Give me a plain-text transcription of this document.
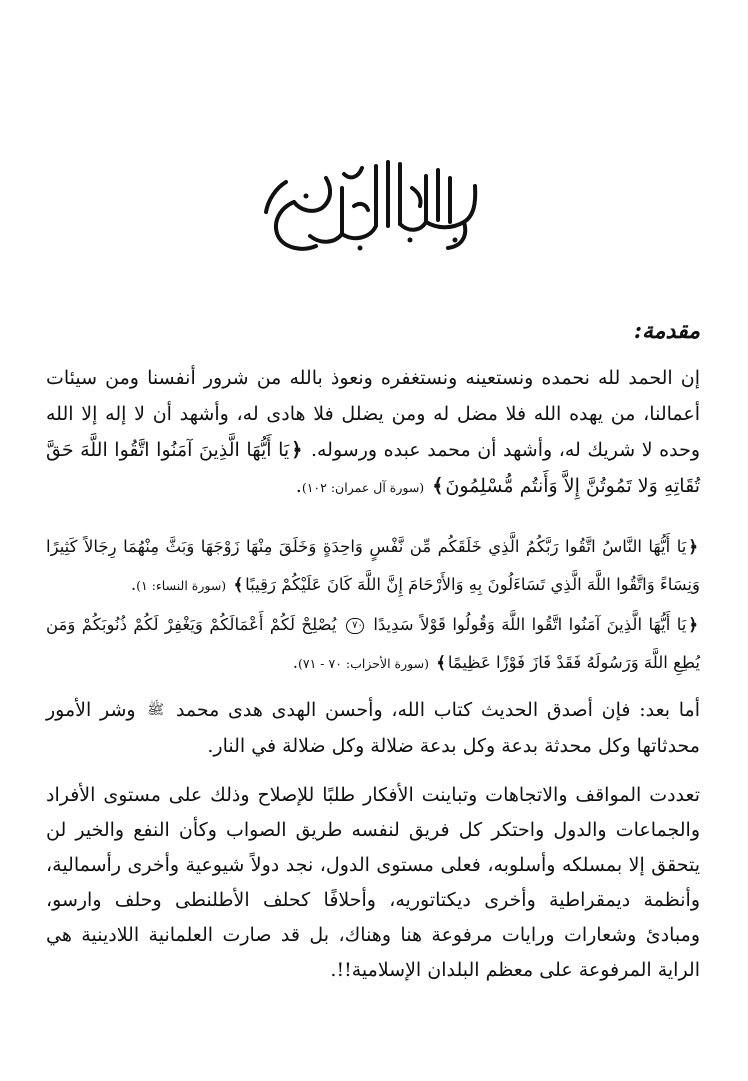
مقدمة:

إن الحمد لله نحمده ونستعينه ونستغفره ونعوذ بالله من شرور أنفسنا ومن سيئات أعمالنا، من يهده الله فلا مضل له ومن يضلل فلا هادى له، وأشهد أن لا إله إلا الله وحده لا شريك له، وأشهد أن محمد عبده ورسوله. ﴿يَا أَيُّهَا الَّذِينَ آمَنُوا اتَّقُوا اللَّهَ حَقَّ تُقَاتِهِ وَلا تَمُوتُنَّ إِلاَّ وَأَنتُم مُّسْلِمُونَ﴾ (سورة آل عمران: ١٠٢).

﴿يَا أَيُّهَا النَّاسُ اتَّقُوا رَبَّكُمُ الَّذِي خَلَقَكُم مِّن نَّفْسٍ وَاحِدَةٍ وَخَلَقَ مِنْهَا زَوْجَهَا وَبَثَّ مِنْهُمَا رِجَالاً كَثِيرًا وَنِسَاءً وَاتَّقُوا اللَّهَ الَّذِي تَسَاءَلُونَ بِهِ وَالأَرْحَامَ إِنَّ اللَّهَ كَانَ عَلَيْكُمْ رَقِيبًا﴾ (سورة النساء: ١).

﴿يَا أَيُّهَا الَّذِينَ آمَنُوا اتَّقُوا اللَّهَ وَقُولُوا قَوْلاً سَدِيدًا ٧٠ يُصْلِحْ لَكُمْ أَعْمَالَكُمْ وَيَغْفِرْ لَكُمْ ذُنُوبَكُمْ وَمَن يُطِعِ اللَّهَ وَرَسُولَهُ فَقَدْ فَازَ فَوْزًا عَظِيمًا﴾ (سورة الأحزاب: ٧٠ - ٧١).

أما بعد: فإن أصدق الحديث كتاب الله، وأحسن الهدى هدى محمد $^ﷺ$ وشر الأمور محدثاتها وكل محدثة بدعة وكل بدعة ضلالة وكل ضلالة في النار.

تعددت المواقف والاتجاهات وتباينت الأفكار طلبًا للإصلاح وذلك على مستوى الأفراد والجماعات والدول واحتكر كل فريق لنفسه طريق الصواب وكأن النفع والخير لن يتحقق إلا بمسلكه وأسلوبه، فعلى مستوى الدول، نجد دولاً شيوعية وأخرى رأسمالية، وأنظمة ديمقراطية وأخرى ديكتاتوريه، وأحلافًا كحلف الأطلنطى وحلف وارسو، ومبادئ وشعارات ورايات مرفوعة هنا وهناك، بل قد صارت العلمانية اللادينية هي الراية المرفوعة على معظم البلدان الإسلامية!!.
